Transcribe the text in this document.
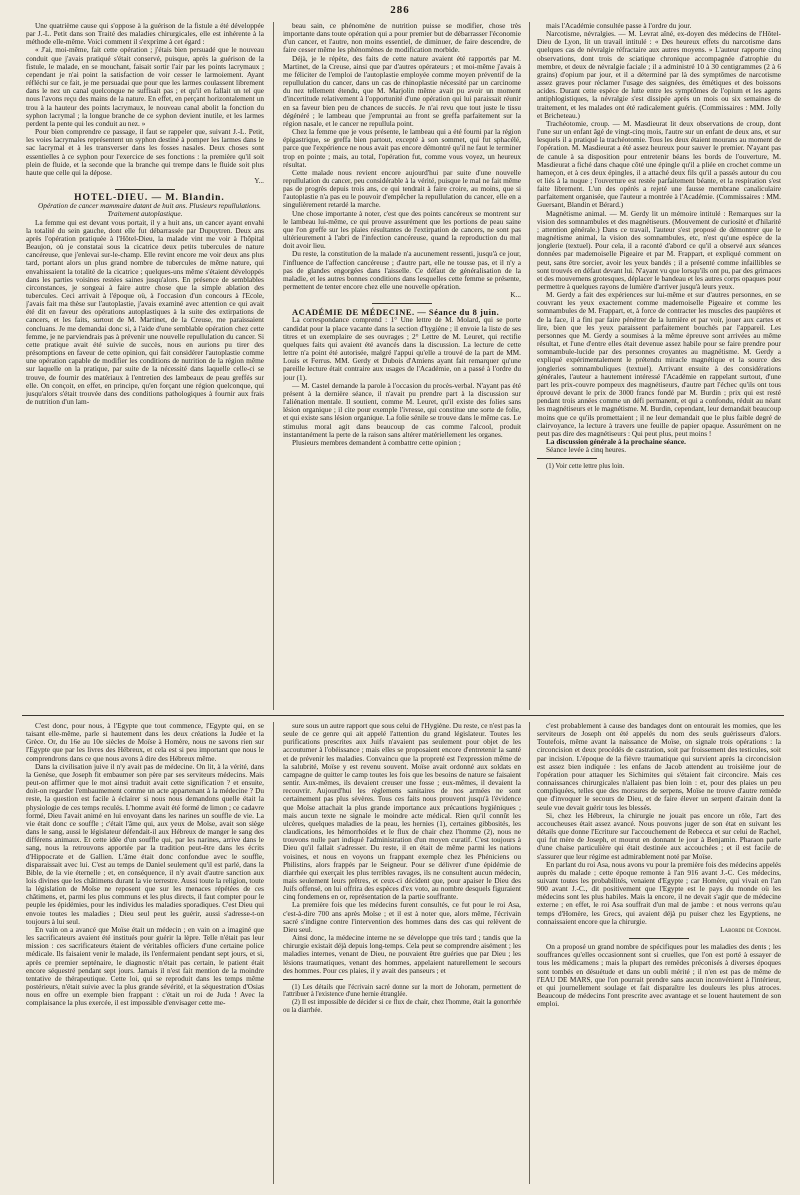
286

Une quatrième cause qui s'oppose à la guérison de la fistule a été développée par J.-L. Petit dans son Traité des maladies chirurgicales, elle est inhérente à la méthode elle-même. Voici comment il s'exprime à cet égard :

« J'ai, moi-même, fait cette opération ; j'étais bien persuadé que le nouveau conduit que j'avais pratiqué s'était conservé, puisque, après la guérison de la fistule, le malade, en se mouchant, faisait sortir l'air par les points lacrymaux ; cependant je n'ai point la satisfaction de voir cesser le larmoiement. Ayant réfléchi sur ce fait, je me persuadai que pour que les larmes coulassent librement dans le nez un canal quelconque ne suffisait pas ; et qu'il en fallait un tel que nous l'avons reçu des mains de la nature. En effet, en perçant horizontalement un trou à la hauteur des points lacrymaux, le nouveau canal abolit la fonction du syphon lacrymal ; la longue branche de ce syphon devient inutile, et les larmes perdent la pente qui les conduit au nez. »

Pour bien comprendre ce passage, il faut se rappeler que, suivant J.-L. Petit, les voies lacrymales représentent un syphon destiné à pomper les larmes dans le sac lacrymal et à les transverser dans les fosses nasales. Deux choses sont essentielles à ce syphon pour l'exercice de ses fonctions : la première qu'il soit plein de fluide, et la seconde que la branche qui trempe dans le fluide soit plus haute que celle qui la dépose.

Y...

HOTEL-DIEU. — M. Blandin.

Opération de cancer mammaire datant de huit ans. Plusieurs repullulations. Traitement autoplastique.

La femme qui est devant vous portait, il y a huit ans, un cancer ayant envahi la totalité du sein gauche, dont elle fut débarrassée par Dupuytren. Deux ans après l'opération pratiquée à l'Hôtel-Dieu, la malade vint me voir à l'hôpital Beaujon, où je constatai sous la cicatrice deux petits tubercules de nature cancéreuse, que j'enlevai sur-le-champ. Elle revint encore me voir deux ans plus tard, portant alors un plus grand nombre de tubercules de même nature, qui envahissaient la totalité de la cicatrice ; quelques-uns même s'étaient développés dans les parties voisines restées saines jusqu'alors. En présence de semblables circonstances, je songeai à faire autre chose que la simple ablation des tubercules. Ceci arrivait à l'époque où, à l'occasion d'un concours à l'Ecole, j'avais fait ma thèse sur l'autoplastie, j'avais examiné avec attention ce qui avait été dit en faveur des opérations autoplastiques à la suite des extirpations de cancers, et les faits, surtout de M. Martinet, de la Creuse, me paraissaient concluans. Je me demandai donc si, à l'aide d'une semblable opération chez cette femme, je ne parviendrais pas à prévenir une nouvelle repullulation du cancer. Si cette pratique avait été suivie de succès, nous en aurions pu tirer des présomptions en faveur de cette opinion, qui fait considérer l'autoplastie comme une opération capable de modifier les conditions de nutrition de la région même sur laquelle on la pratique, par suite de la nécessité dans laquelle celle-ci se trouve, de fournir des matériaux à l'entretien des lambeaux de peau greffés sur elle. On conçoit, en effet, en principe, qu'en forçant une région quelconque, qui jusqu'alors s'était trouvée dans des conditions pathologiques à fournir aux frais de nutrition d'un lam-

beau sain, ce phénomène de nutrition puisse se modifier, chose très importante dans toute opération qui a pour premier but de débarrasser l'économie d'un cancer, et l'autre, non moins essentiel, de diminuer, de faire descendre, de faire cesser même les phénomènes de modification morbide.

Déjà, je le répète, des faits de cette nature avaient été rapportés par M. Martinet, de la Creuse, ainsi que par d'autres opérateurs ; et moi-même j'avais à me féliciter de l'emploi de l'autoplastie employée comme moyen préventif de la repullulation du cancer, dans un cas de rhinoplastie nécessité par un carcinome du nez tellement étendu, que M. Marjolin même avait pu avoir un moment d'incertitude relativement à l'opportunité d'une opération qui lui paraissait réunir en sa faveur bien peu de chances de succès. Je n'ai revu que tout juste le tissu dégénéré ; le lambeau que j'empruntai au front se greffa parfaitement sur la région nasale, et le cancer ne repullula point.

Chez la femme que je vous présente, le lambeau qui a été fourni par la région épigastrique, se greffa bien partout, excepté à son sommet, qui fut sphacélé, parce que l'expérience ne nous avait pas encore démontré qu'il ne faut le terminer trop en pointe ; mais, au total, l'opération fut, comme vous voyez, un heureux résultat.

Cette malade nous revient encore aujourd'hui par suite d'une nouvelle repullulation du cancer, peu considérable à la vérité, puisque le mal ne fait même pas de progrès depuis trois ans, ce qui tendrait à faire croire, au moins, que si l'autoplastie n'a pas eu le pouvoir d'empêcher la repullulation du cancer, elle en a singulièrement retardé la marche.

Une chose importante à noter, c'est que des points cancéreux se montrent sur le lambeau lui-même, ce qui prouve assurément que les portions de peau saine que l'on greffe sur les plaies résultantes de l'extirpation de cancers, ne sont pas ultérieurement à l'abri de l'infection cancéreuse, quand la reproduction du mal doit avoir lieu.

Du reste, la constitution de la malade n'a aucunement ressenti, jusqu'à ce jour, l'influence de l'affection cancéreuse ; d'autre part, elle ne tousse pas, et il n'y a pas de glandes engorgées dans l'aisselle. Ce défaut de généralisation de la maladie, et les autres bonnes conditions dans lesquelles cette femme se présente, permettent de tenter encore chez elle une nouvelle opération.

K...

ACADÉMIE DE MÉDECINE. — Séance du 8 juin.

La correspondance comprend : 1° Une lettre de M. Molard, qui se porte candidat pour la place vacante dans la section d'hygiène ; il envoie la liste de ses titres et un exemplaire de ses ouvrages ; 2° Lettre de M. Leuret, qui rectifie quelques faits qui avaient été avancés dans la discussion. La lecture de cette lettre n'a point été autorisée, malgré l'appui qu'elle a trouvé de la part de MM. Louis et Ferrus. MM. Gerdy et Dubois d'Amiens ayant fait remarquer qu'une pareille lecture était contraire aux usages de l'Académie, on a passé à l'ordre du jour (1).

— M. Castel demande la parole à l'occasion du procès-verbal. N'ayant pas été présent à la dernière séance, il n'avait pu prendre part à la discussion sur l'aliénation mentale. Il soutient, comme M. Leuret, qu'il existe des folies sans lésion organique ; il cite pour exemple l'ivresse, qui constitue une sorte de folie, et qui existe sans lésion organique. La folie sénile se trouve dans le même cas. Le stimulus moral agit dans beaucoup de cas comme l'alcool, produit instantanément la perte de la raison sans altérer matériellement les organes.

Plusieurs membres demandent à combattre cette opinion ;

mais l'Académie consultée passe à l'ordre du jour.

Narcotisme, névralgies. — M. Levrat aîné, ex-doyen des médecins de l'Hôtel-Dieu de Lyon, lit un travail intitulé : « Des heureux effets du narcotisme dans quelques cas de névralgie réfractaire aux autres moyens. » L'auteur rapporte cinq observations, dont trois de sciatique chronique accompagnée d'atrophie du membre, et deux de névralgie faciale ; il a administré 10 à 30 centigrammes (2 à 6 grains) d'opium par jour, et il a déterminé par là des symptômes de narcotisme assez graves pour réclamer l'usage des saignées, des émétiques et des boissons acides. Durant cette espèce de lutte entre les symptômes de l'opium et les agens antiphlogistiques, la névralgie s'est dissipée après un mois ou six semaines de traitement, et les malades ont été radicalement guéris. (Commissaires : MM. Jolly et Bricheteau.)

Trachéotomie, croup. — M. Masdieurat lit deux observations de croup, dont l'une sur un enfant âgé de vingt-cinq mois, l'autre sur un enfant de deux ans, et sur lesquels il a pratiqué la trachéotomie. Tous les deux étaient mourans au moment de l'opération. M. Masdieurat a été assez heureux pour sauver le premier. N'ayant pas de canule à sa disposition pour entretenir béans les bords de l'ouverture, M. Masdieurat a fiché dans chaque côté une épingle qu'il a pliée en crochet comme un hameçon, et à ces deux épingles, il a attaché deux fils qu'il a passés autour du cou et liés à la nuque ; l'ouverture est restée parfaitement béante, et la respiration s'est faite librement. L'un des opérés a rejeté une fausse membrane canaliculaire parfaitement organisée, que l'auteur a montrée à l'Académie. (Commissaires : MM. Guersant, Blandin et Bérard.)

Magnétisme animal. — M. Gerdy lit un mémoire intitulé : Remarques sur la vision des somnambules et des magnétiseurs. (Mouvement de curiosité et d'hilarité ; attention générale.) Dans ce travail, l'auteur s'est proposé de démontrer que le magnétisme animal, la vision des somnambules, etc, n'est qu'une espèce de la jonglerie (textuel). Pour cela, il a raconté d'abord ce qu'il a observé aux séances données par mademoiselle Pigeaire et par M. Frappart, et expliqué comment on peut, sans être sorcier, avoir les yeux bandés ; il a présenté comme infaillibles se sont trouvés en défaut devant lui. N'ayant vu que lorsqu'ils ont pu, par des grimaces et des mouvemens grotesques, déplacer le bandeau et les autres corps opaques pour permettre à quelques rayons de lumière d'arriver jusqu'à leurs yeux.

M. Gerdy a fait des expériences sur lui-même et sur d'autres personnes, en se couvrant les yeux exactement comme mademoiselle Pigeaire et comme les somnambules de M. Frappart, et, à force de contracter les muscles des paupières et de la face, il a fini par faire pénétrer de la lumière et par voir, jouer aux cartes et lire, bien que les yeux paraissent parfaitement bouchés par l'appareil. Les personnes que M. Gerdy a soumises à la même épreuve sont arrivées au même résultat, et l'une d'entre elles était devenue assez habile pour se faire prendre pour somnambule-lucide par des personnes croyantes au magnétisme. M. Gerdy a expliqué expérimentalement le prétendu miracle magnétique et la source des jongleries somnambuliques (textuel). Arrivant ensuite à des considérations générales, l'auteur a hautement intéressé l'Académie en rappelant surtout, d'une part les prix-couvre pompeux des magnétiseurs, d'autre part l'échec qu'ils ont tous éprouvé devant le prix de 3000 francs fondé par M. Burdin ; prix qui est resté pendant trois années comme un défi permanent, et qui a confondu, réduit au néant les magnétiseurs et le magnétisme. M. Burdin, cependant, leur demandait beaucoup moins que ce qu'ils promettaient ; il ne leur demandait que le plus faible degré de clairvoyance, la lecture à travers une feuille de papier opaque. Assurément on ne peut pas dire des magnétiseurs : Qui peut plus, peut moins !

La discussion générale à la prochaine séance.

Séance levée à cinq heures.

(1) Voir cette lettre plus loin.

C'est donc, pour nous, à l'Egypte que tout commence, l'Egypte qui, en se taisant elle-même, parle si hautement dans les deux créations la Judée et la Grèce. Or, du 16e au 10e siècles de Moïse à Homère, nous ne savons rien sur l'Egypte que par les livres des Hébreux, et cela est si peu important que nous le comprendrons dans ce que nous avons à dire des Hébreux même.

Dans la civilisation juive il n'y avait pas de médecine. On lit, à la vérité, dans la Genèse, que Joseph fit embaumer son père par ses serviteurs médecins. Mais peut-on affirmer que le mot ainsi traduit avait cette signification ? et ensuite, doit-on regarder l'embaumement comme un acte appartenant à la médecine ? Du reste, la question est facile à éclairer si nous nous demandons quelle était la physiologie de ces temps reculés. L'homme avait été formé de limon ; ce cadavre formé, Dieu l'avait animé en lui envoyant dans les narines un souffle de vie. La vie était donc ce souffle ; c'était l'âme qui, aux yeux de Moïse, avait son siège dans le sang, aussi le législateur défendait-il aux Hébreux de manger le sang des différens animaux. Et cette idée d'un souffle qui, par les narines, arrive dans le sang, nous la retrouvons apportée par la tradition peut-être dans les écrits d'Hippocrate et de Gallien. L'âme était donc confondue avec le souffle, disparaissait avec lui. C'est au temps de Daniel seulement qu'il est parlé, dans la Bible, de la vie éternelle ; et, en conséquence, il n'y avait d'autre sanction aux lois divines que les châtimens durant la vie terrestre. Aussi toute la religion, toute la législation de Moïse ne reposent que sur les menaces répétées de ces châtimens, et, parmi les plus communs et les plus directs, il faut compter pour le peuple les épidémies, pour les individus les maladies sporadiques. C'est Dieu qui envoie toutes les maladies ; Dieu seul peut les guérir, aussi s'adresse-t-on toujours à lui seul.

En vain on a avancé que Moïse était un médecin ; en vain on a imaginé que les sacrificateurs avaient été institués pour guérir la lèpre. Telle n'était pas leur mission : ces sacrificateurs étaient de véritables officiers d'une certaine police médicale. Ils faisaient venir le malade, ils l'enfermaient pendant sept jours, et si, après ce premier septénaire, le diagnostic n'était pas certain, le patient était encore séquestré pendant sept jours. Jamais il n'est fait mention de la moindre tentative de thérapeutique. Cette loi, qui se reproduit dans les temps même postérieurs, n'était suivie avec la plus grande sévérité, et la séquestration d'Osias nous en offre un exemple bien frappant : c'était un roi de Juda ! Avec la complaisance la plus exercée, il est impossible d'envisager cette me-

sure sous un autre rapport que sous celui de l'Hygiène. Du reste, ce n'est pas la seule de ce genre qui ait appelé l'attention du grand législateur. Toutes les purifications prescrites aux Juifs n'avaient pas seulement pour objet de les accoutumer à l'obéissance ; mais elles se proposaient encore d'entretenir la santé et de prévenir les maladies. Convaincu que la propreté est l'expression même de la salubrité, Moïse y est revenu souvent. Moïse avait ordonné aux soldats en campagne de quitter le camp toutes les fois que les besoins de nature se faisaient sentir. Aux-mêmes, ils devaient creuser une fosse ; eux-mêmes, il devaient la recouvrir. Aujourd'hui les règlemens sanitaires de nos armées ne sont certainement pas plus sévères. Tous ces faits nous prouvent jusqu'à l'évidence que Moïse attachait la plus grande importance aux précautions hygiéniques ; mais aucun texte ne signale le moindre acte médical. Rien qu'il connût les ulcères, quelques maladies de la peau, les hernies (1), certaines gibbosités, les claudications, les hémorrhoïdes et le flux de chair chez l'homme (2), nous ne trouvons nulle part indiqué l'administration d'un moyen curatif. C'est toujours à Dieu qu'il fallait s'adresser. Du reste, il en était de même parmi les nations voisines, et nous en voyons un frappant exemple chez les Phéniciens ou Philistins, alors frappés par le Seigneur. Pour se délivrer d'une épidémie de diarrhée qui exerçait les plus terribles ravages, ils ne consultent aucun médecin, mais seulement leurs prêtres, et ceux-ci décident que, pour apaiser le Dieu des Juifs offensé, on lui offrira des espèces d'ex voto, au nombre desquels figuraient cinq fondemens en or, représentation de la partie souffrante.

La première fois que les médecins furent consultés, ce fut pour le roi Asa, c'est-à-dire 700 ans après Moïse ; et il est à noter que, alors même, l'écrivain sacré s'indigne contre l'intervention des hommes dans des cas qui relèvent de Dieu seul.

Ainsi donc, la médecine interne ne se développe que très tard ; tandis que la chirurgie existait déjà depuis long-temps. Cela peut se comprendre aisément ; les maladies internes, venant de Dieu, ne pouvaient être guéries que par Dieu ; les lésions traumatiques, venant des hommes, appelaient naturellement le secours des hommes. Pour ces plaies, il y avait des panseurs ; et

(1) Les détails que l'écrivain sacré donne sur la mort de Johoram, permettent de l'attribuer à l'existence d'une hernie étranglée.

(2) Il est impossible de décider si ce flux de chair, chez l'homme, était la gonorrhée ou la diarrhée.

c'est probablement à cause des bandages dont on entourait les momies, que les serviteurs de Joseph ont été appelés du nom des seuls guérisseurs d'alors. Toutefois, même avant la naissance de Moïse, on signale trois opérations : la circoncision et deux procédés de castration, soit par froissement des testicules, soit par incision. L'époque de la fièvre traumatique qui survient après la circoncision est assez bien indiquée : les enfans de Jacob attendent au troisième jour de l'opération pour attaquer les Sichimites qui s'étaient fait circoncire. Mais ces connaissances chirurgicales n'allaient pas bien loin : et, pour des plaies un peu compliquées, telles que des morsures de serpens, Moïse ne trouve d'autre remède que d'invoquer le secours de Dieu, et de faire élever un serpent d'airain dont la seule vue devait guérir tous les blessés.

Si, chez les Hébreux, la chirurgie ne jouait pas encore un rôle, l'art des accoucheuses était assez avancé. Nous pouvons juger de son état en suivant les détails que donne l'Ecriture sur l'accouchement de Rebecca et sur celui de Rachel, qui fut mère de Joseph, et mourut en donnant le jour à Benjamin. Pharaon parle d'une chaise particulière qui était destinée aux accouchées ; et il est facile de s'assurer que leur régime est admirablement noté par Moïse.

En parlant du roi Asa, nous avons vu pour la première fois des médecins appelés auprès du malade ; cette époque remonte à l'an 916 avant J.-C. Ces médecins, suivant toutes les probabilités, venaient d'Egypte ; car Homère, qui vivait en l'an 900 avant J.-C., dit positivement que l'Egypte est le pays du monde où les médecins sont les plus habiles. Mais la encore, il ne devait s'agir que de médecine externe ; en effet, le roi Asa souffrait d'un mal de jambe : et nous verrons qu'au temps d'Homère, les Grecs, qui avaient déjà pu puiser chez les Egyptiens, ne connaissaient encore que la chirurgie.

Laborde de Condom.

On a proposé un grand nombre de spécifiques pour les maladies des dents ; les souffrances qu'elles occasionnent sont si cruelles, que l'on est porté à essayer de tous les médicamens ; mais la plupart des remèdes préconisés à diverses époques sont tombés en désuétude et dans un oubli mérité ; il n'en est pas de même de l'EAU DE MARS, que l'on pourrait prendre sans aucun inconvénient à l'intérieur, et qui journellement soulage et fait disparaître les douleurs les plus atroces. Beaucoup de médecins l'ont prescrite avec avantage et se louent hautement de son emploi.
